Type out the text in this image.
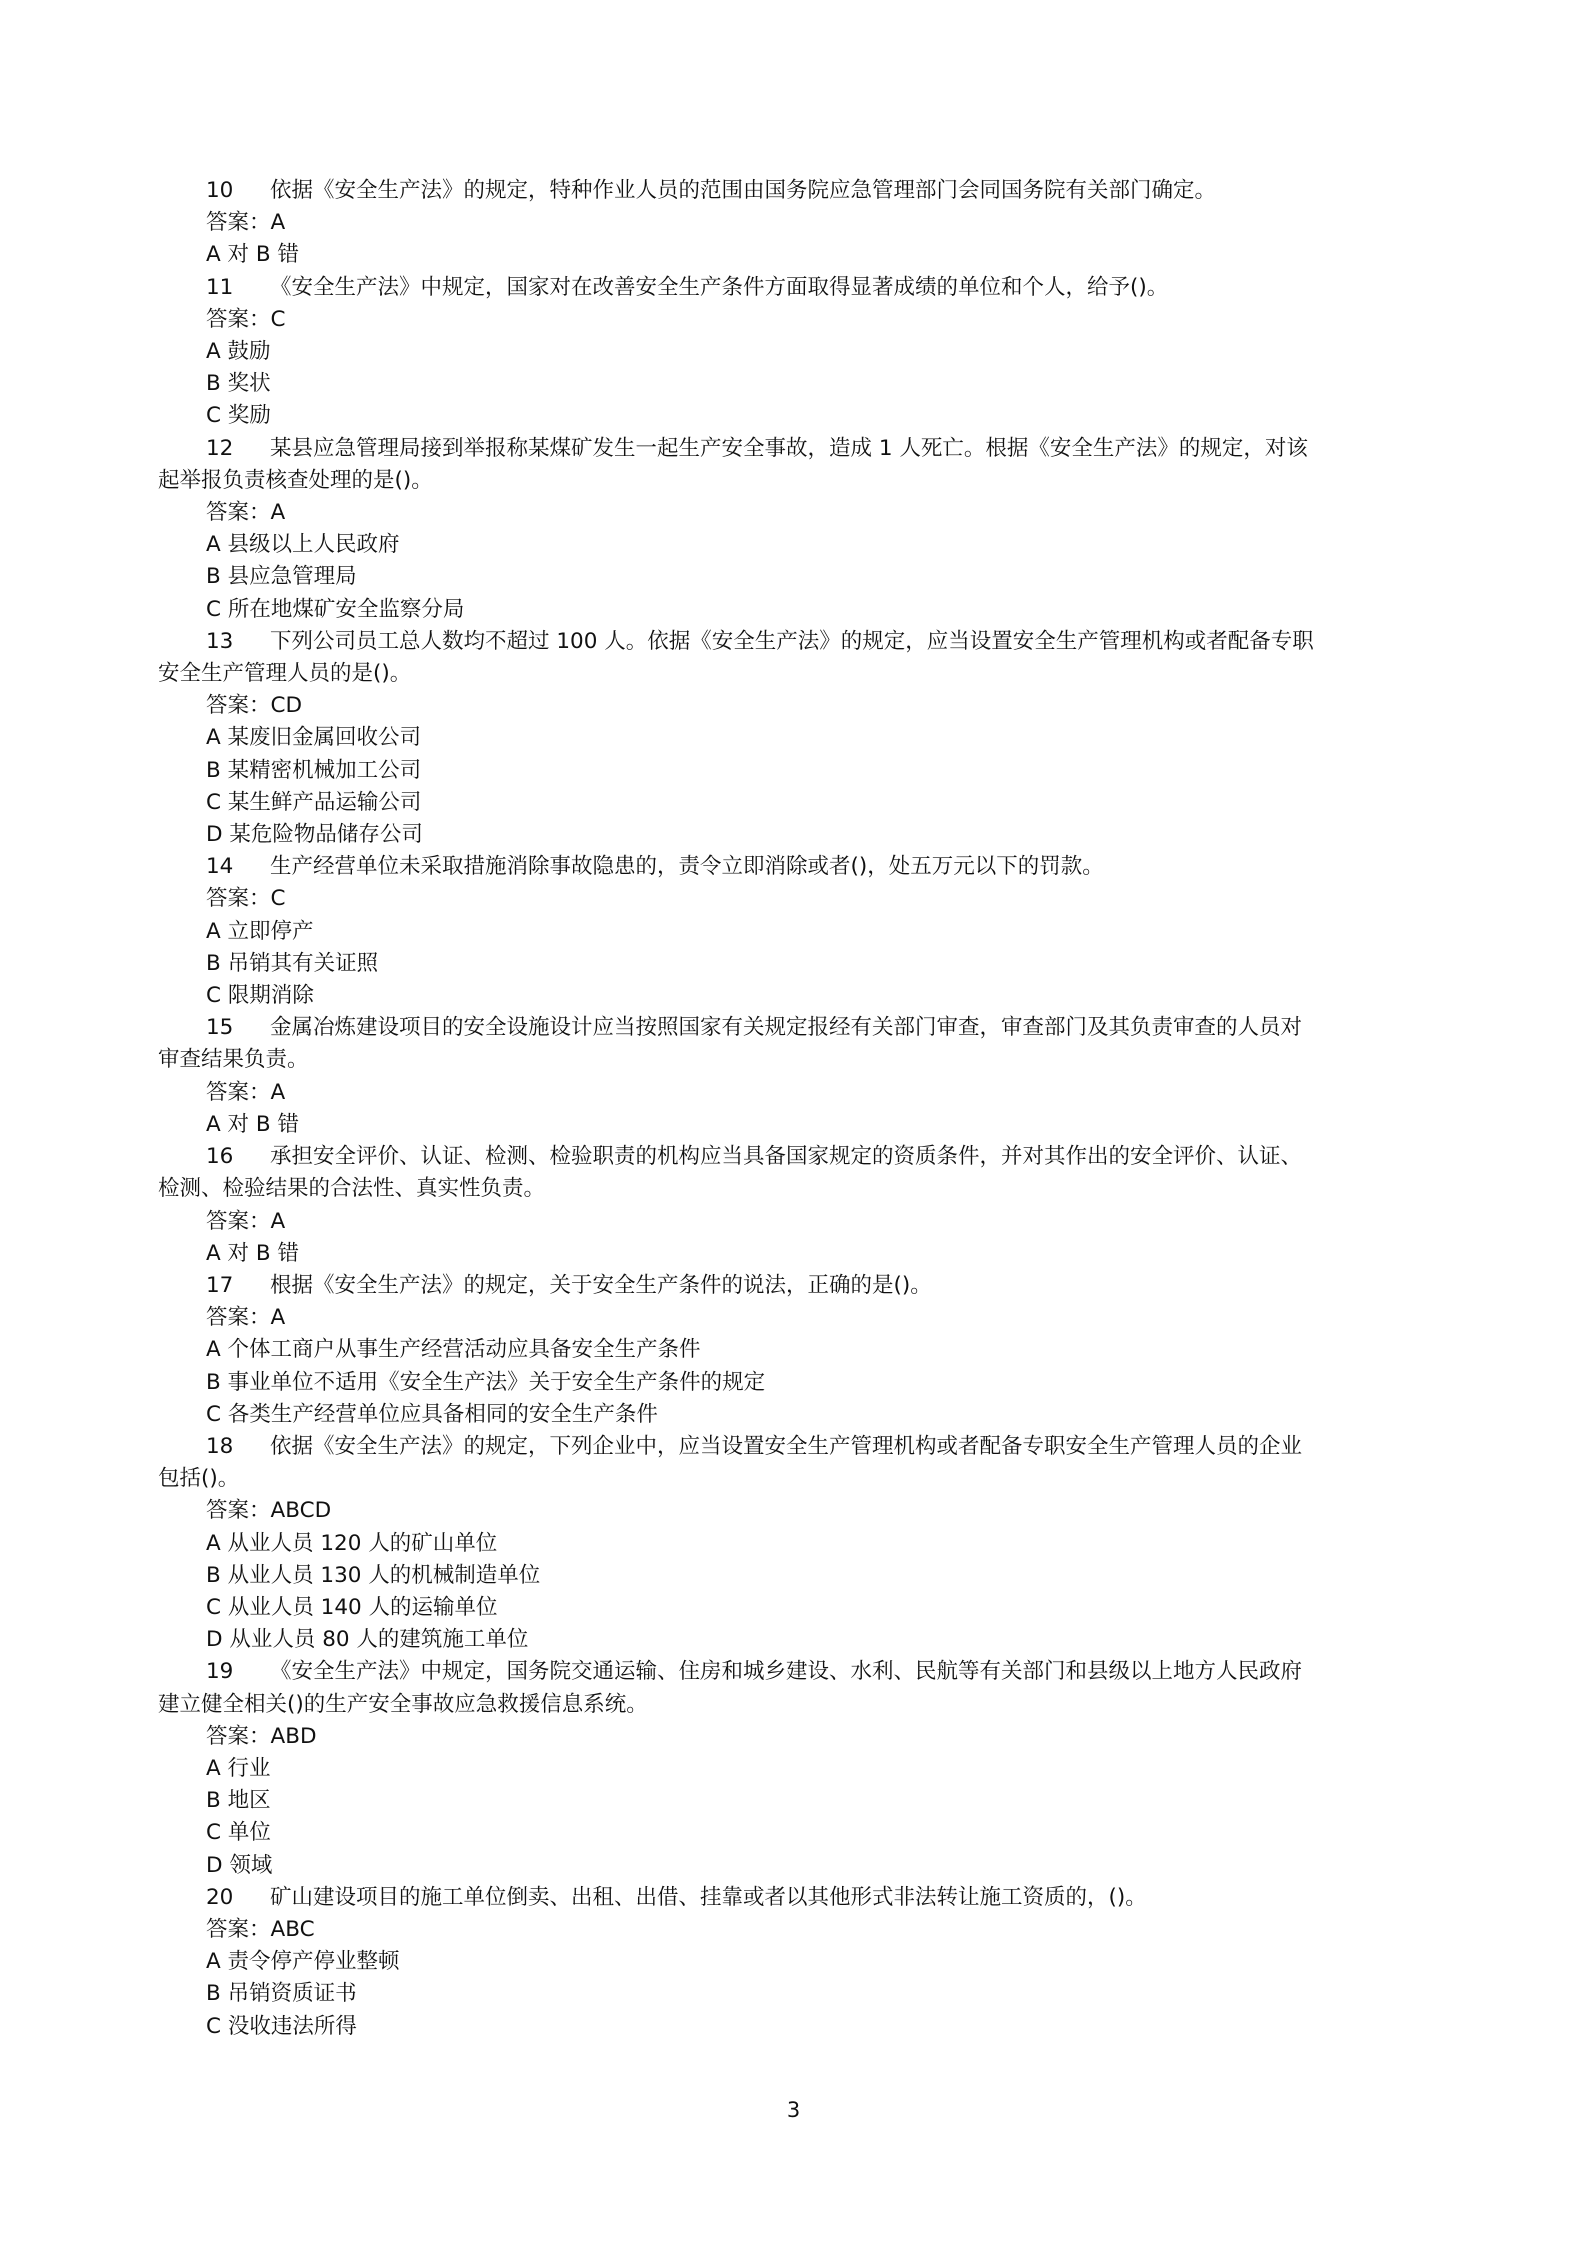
10 依据《安全生产法》的规定，特种作业人员的范围由国务院应急管理部门会同国务院有关部门确定。
答案：A
A 对 B 错
11 《安全生产法》中规定，国家对在改善安全生产条件方面取得显著成绩的单位和个人，给予()。
答案：C
A 鼓励
B 奖状
C 奖励
12 某县应急管理局接到举报称某煤矿发生一起生产安全事故，造成 1 人死亡。根据《安全生产法》的规定，对该
起举报负责核查处理的是()。
答案：A
A 县级以上人民政府
B 县应急管理局
C 所在地煤矿安全监察分局
13 下列公司员工总人数均不超过 100 人。依据《安全生产法》的规定，应当设置安全生产管理机构或者配备专职
安全生产管理人员的是()。
答案：CD
A 某废旧金属回收公司
B 某精密机械加工公司
C 某生鲜产品运输公司
D 某危险物品储存公司
14 生产经营单位未采取措施消除事故隐患的，责令立即消除或者()，处五万元以下的罚款。
答案：C
A 立即停产
B 吊销其有关证照
C 限期消除
15 金属冶炼建设项目的安全设施设计应当按照国家有关规定报经有关部门审查，审查部门及其负责审查的人员对
审查结果负责。
答案：A
A 对 B 错
16 承担安全评价、认证、检测、检验职责的机构应当具备国家规定的资质条件，并对其作出的安全评价、认证、
检测、检验结果的合法性、真实性负责。
答案：A
A 对 B 错
17 根据《安全生产法》的规定，关于安全生产条件的说法，正确的是()。
答案：A
A 个体工商户从事生产经营活动应具备安全生产条件
B 事业单位不适用《安全生产法》关于安全生产条件的规定
C 各类生产经营单位应具备相同的安全生产条件
18 依据《安全生产法》的规定，下列企业中，应当设置安全生产管理机构或者配备专职安全生产管理人员的企业
包括()。
答案：ABCD
A 从业人员 120 人的矿山单位
B 从业人员 130 人的机械制造单位
C 从业人员 140 人的运输单位
D 从业人员 80 人的建筑施工单位
19 《安全生产法》中规定，国务院交通运输、住房和城乡建设、水利、民航等有关部门和县级以上地方人民政府
建立健全相关()的生产安全事故应急救援信息系统。
答案：ABD
A 行业
B 地区
C 单位
D 领域
20 矿山建设项目的施工单位倒卖、出租、出借、挂靠或者以其他形式非法转让施工资质的，()。
答案：ABC
A 责令停产停业整顿
B 吊销资质证书
C 没收违法所得
3
